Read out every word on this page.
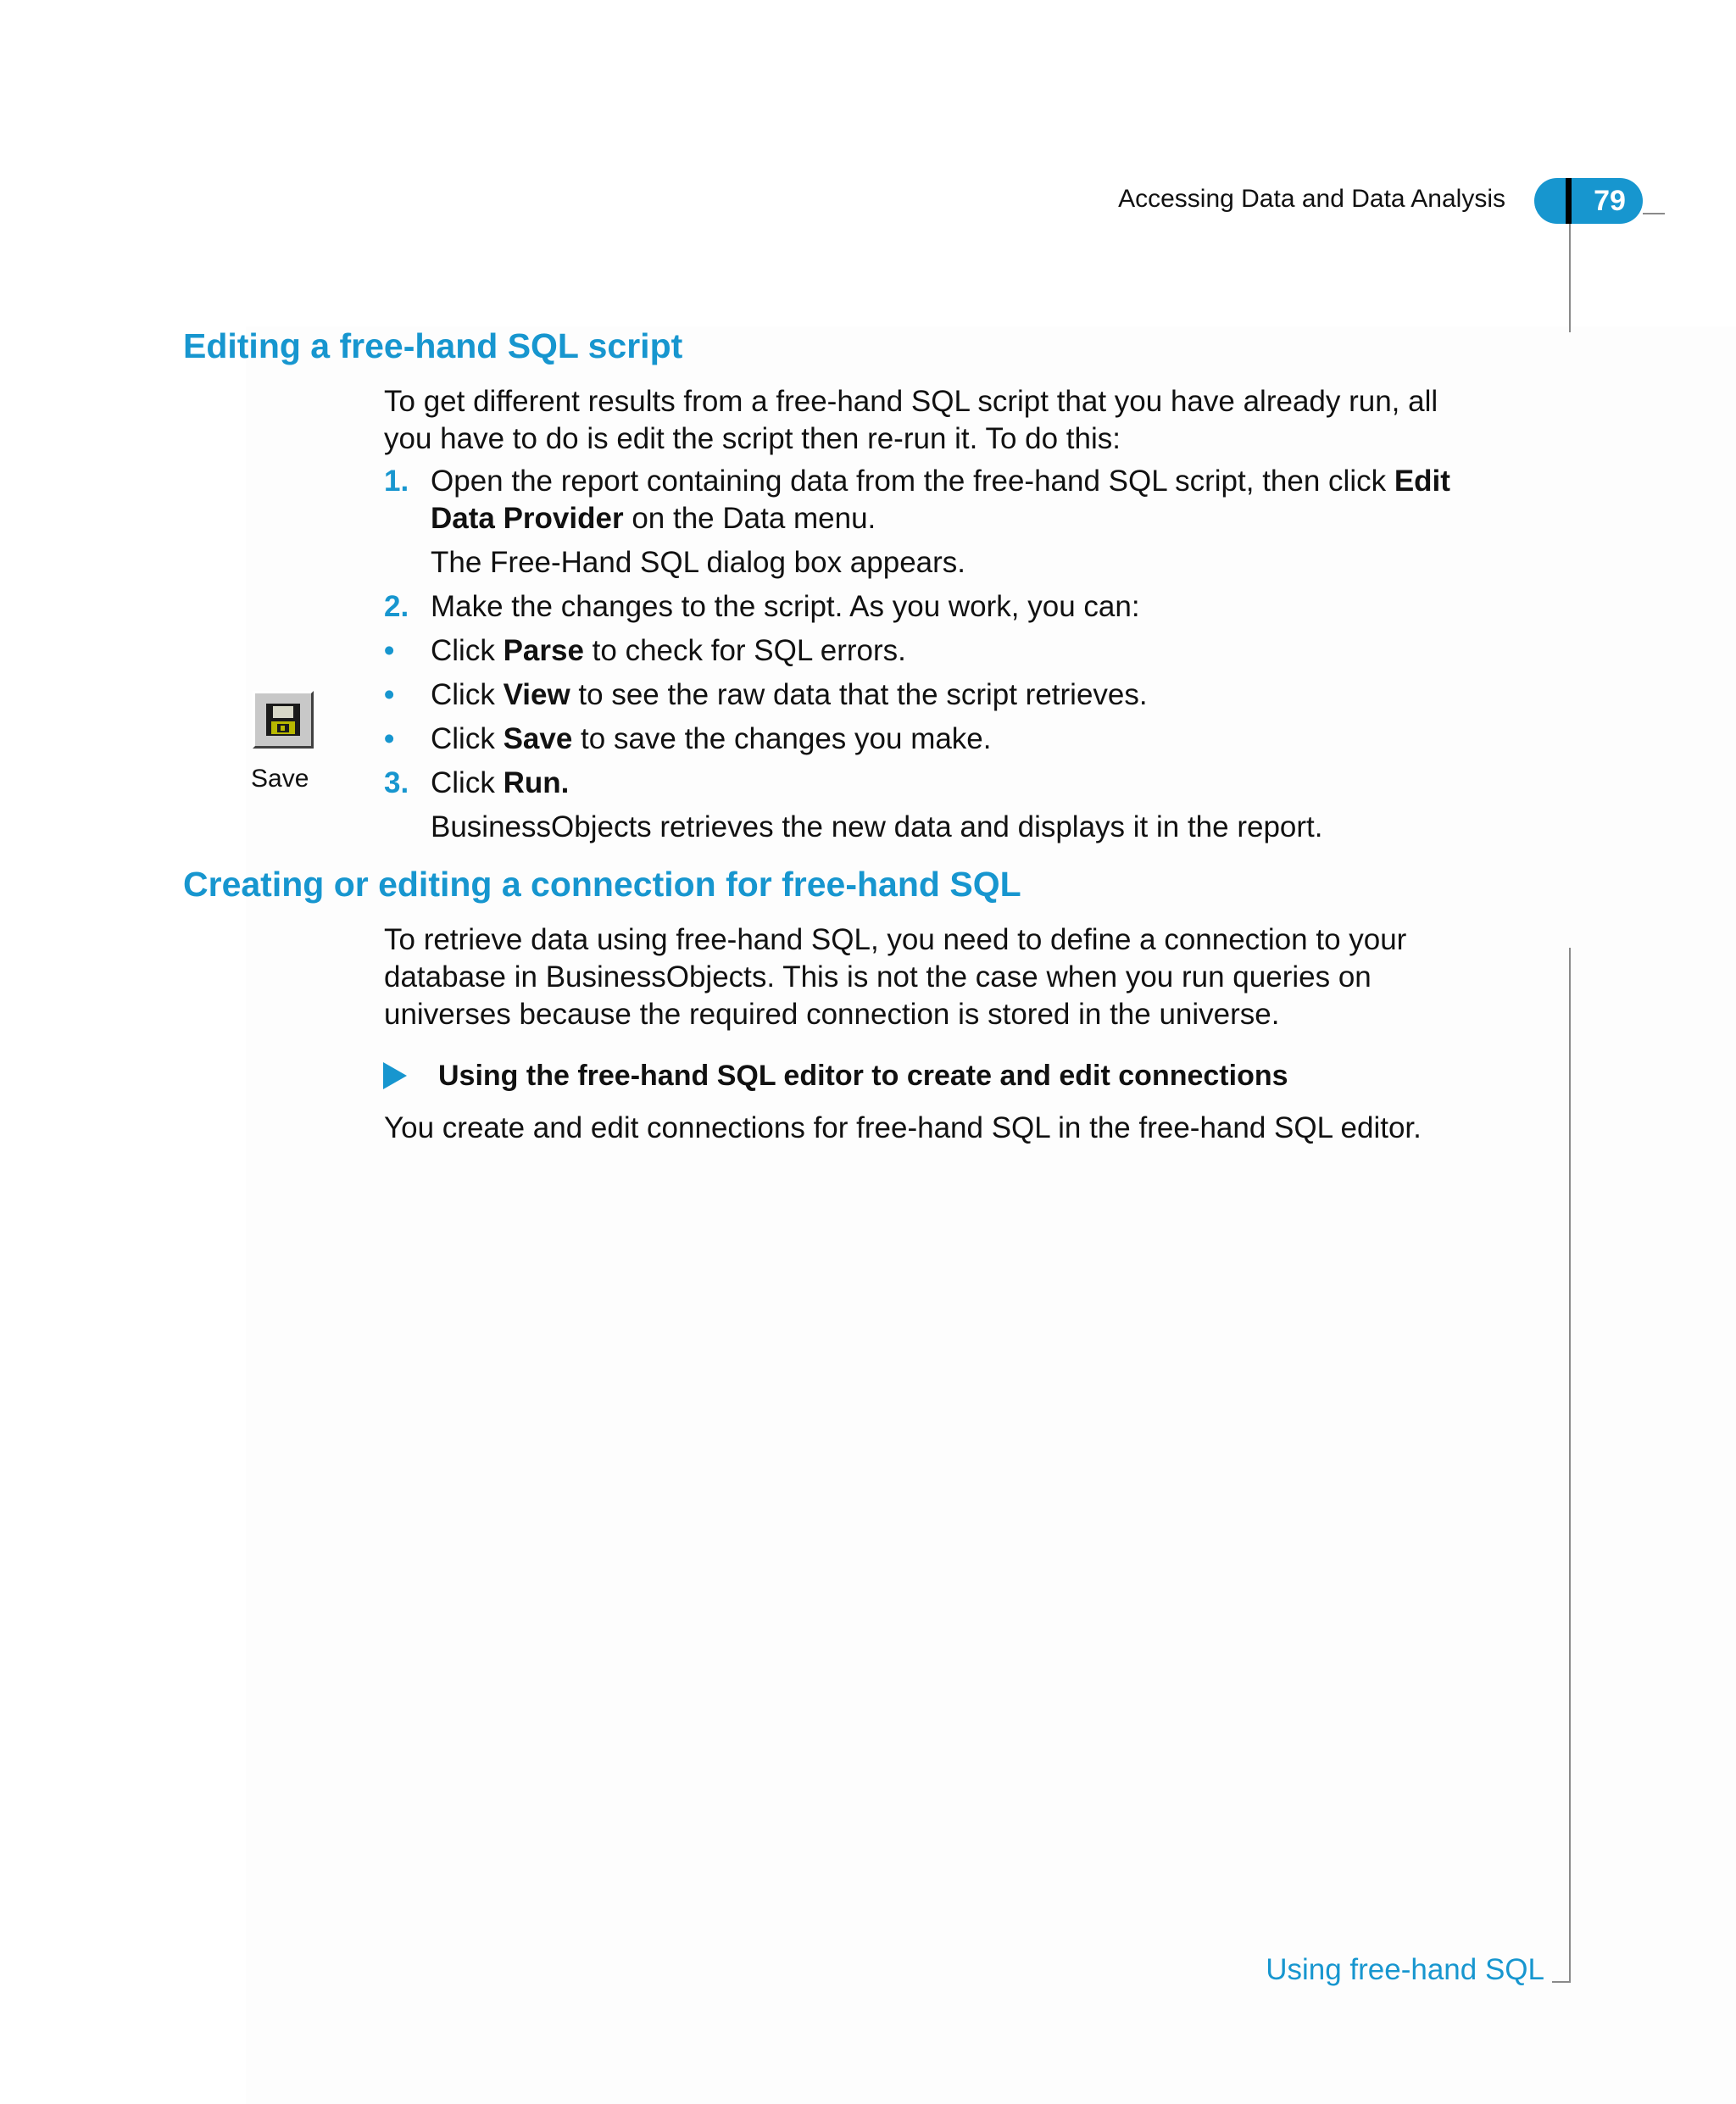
Accessing Data and Data Analysis	79
Editing a free-hand SQL script
To get different results from a free-hand SQL script that you have already run, all
you have to do is edit the script then re-run it. To do this:
1. Open the report containing data from the free-hand SQL script, then click Edit
Data Provider on the Data menu.
The Free-Hand SQL dialog box appears.
2. Make the changes to the script. As you work, you can:
• Click Parse to check for SQL errors.
• Click View to see the raw data that the script retrieves.
• Click Save to save the changes you make.
3. Click Run.
BusinessObjects retrieves the new data and displays it in the report.
Save
Creating or editing a connection for free-hand SQL
To retrieve data using free-hand SQL, you need to define a connection to your
database in BusinessObjects. This is not the case when you run queries on
universes because the required connection is stored in the universe.
Using the free-hand SQL editor to create and edit connections
You create and edit connections for free-hand SQL in the free-hand SQL editor.
Using free-hand SQL
